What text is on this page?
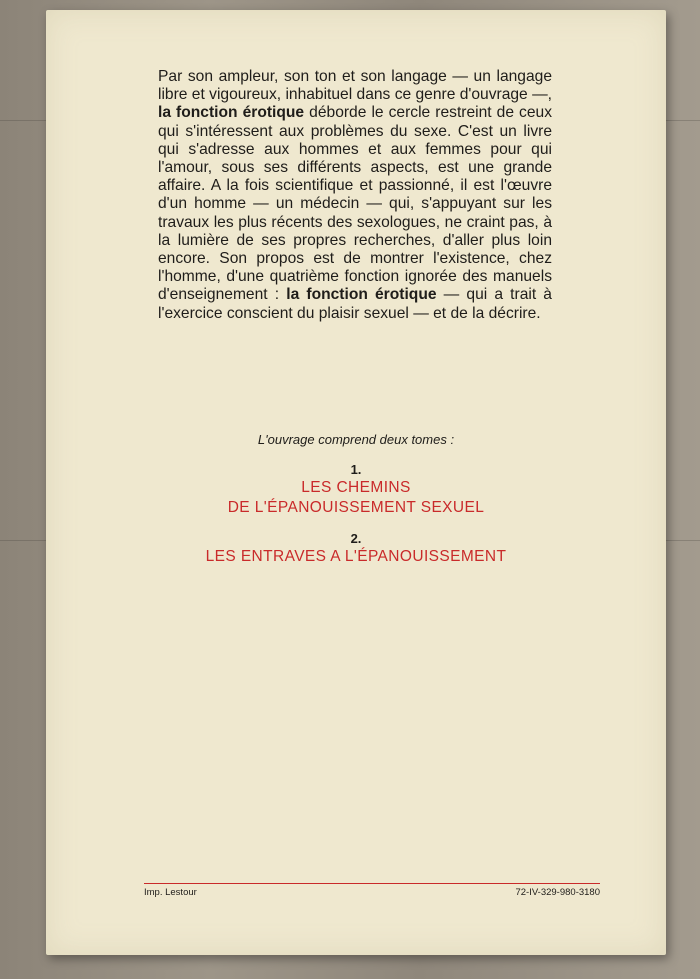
Par son ampleur, son ton et son langage — un langage libre et vigoureux, inhabituel dans ce genre d'ouvrage —, la fonction érotique déborde le cercle restreint de ceux qui s'intéressent aux problèmes du sexe. C'est un livre qui s'adresse aux hommes et aux femmes pour qui l'amour, sous ses différents aspects, est une grande affaire. A la fois scientifique et passionné, il est l'œuvre d'un homme — un médecin — qui, s'appuyant sur les travaux les plus récents des sexologues, ne craint pas, à la lumière de ses propres recherches, d'aller plus loin encore. Son propos est de montrer l'existence, chez l'homme, d'une quatrième fonction ignorée des manuels d'enseignement : la fonction érotique — qui a trait à l'exercice conscient du plaisir sexuel — et de la décrire.
L'ouvrage comprend deux tomes :
1.
LES CHEMINS
DE L'ÉPANOUISSEMENT SEXUEL
2.
LES ENTRAVES A L'ÉPANOUISSEMENT
Imp. Lestour	72-IV-329-980-3180
